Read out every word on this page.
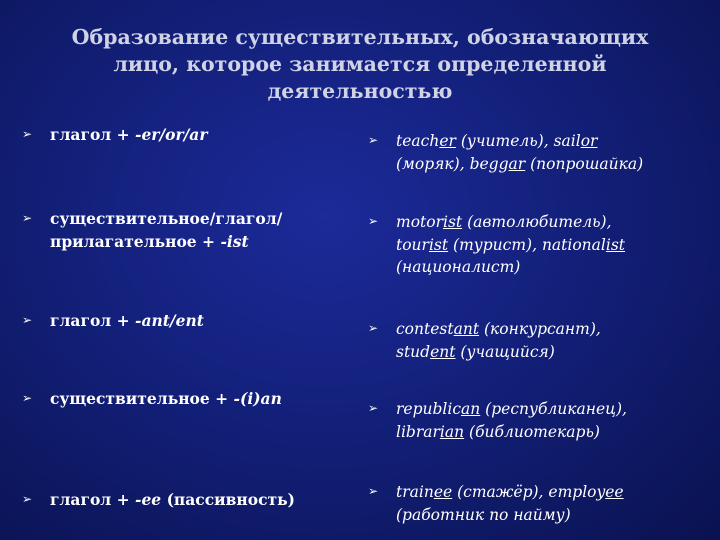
Образование существительных, обозначающих
лицо, которое занимается определенной
деятельностью
➢ глагол + -er/or/ar
➢ существительное/глагол/
прилагательное + -ist
➢ глагол + -ant/ent
➢ существительное + -(i)an
➢ глагол + -ee (пассивность)
➢ teacher (учитель), sailor
(моряк), beggar (попрошайка)
➢ motorist (автолюбитель),
tourist (турист), nationalist
(националист)
➢ contestant (конкурсант),
student (учащийся)
➢ republican (республиканец),
librarian (библиотекарь)
➢ trainee (стажёр), employee
(работник по найму)
